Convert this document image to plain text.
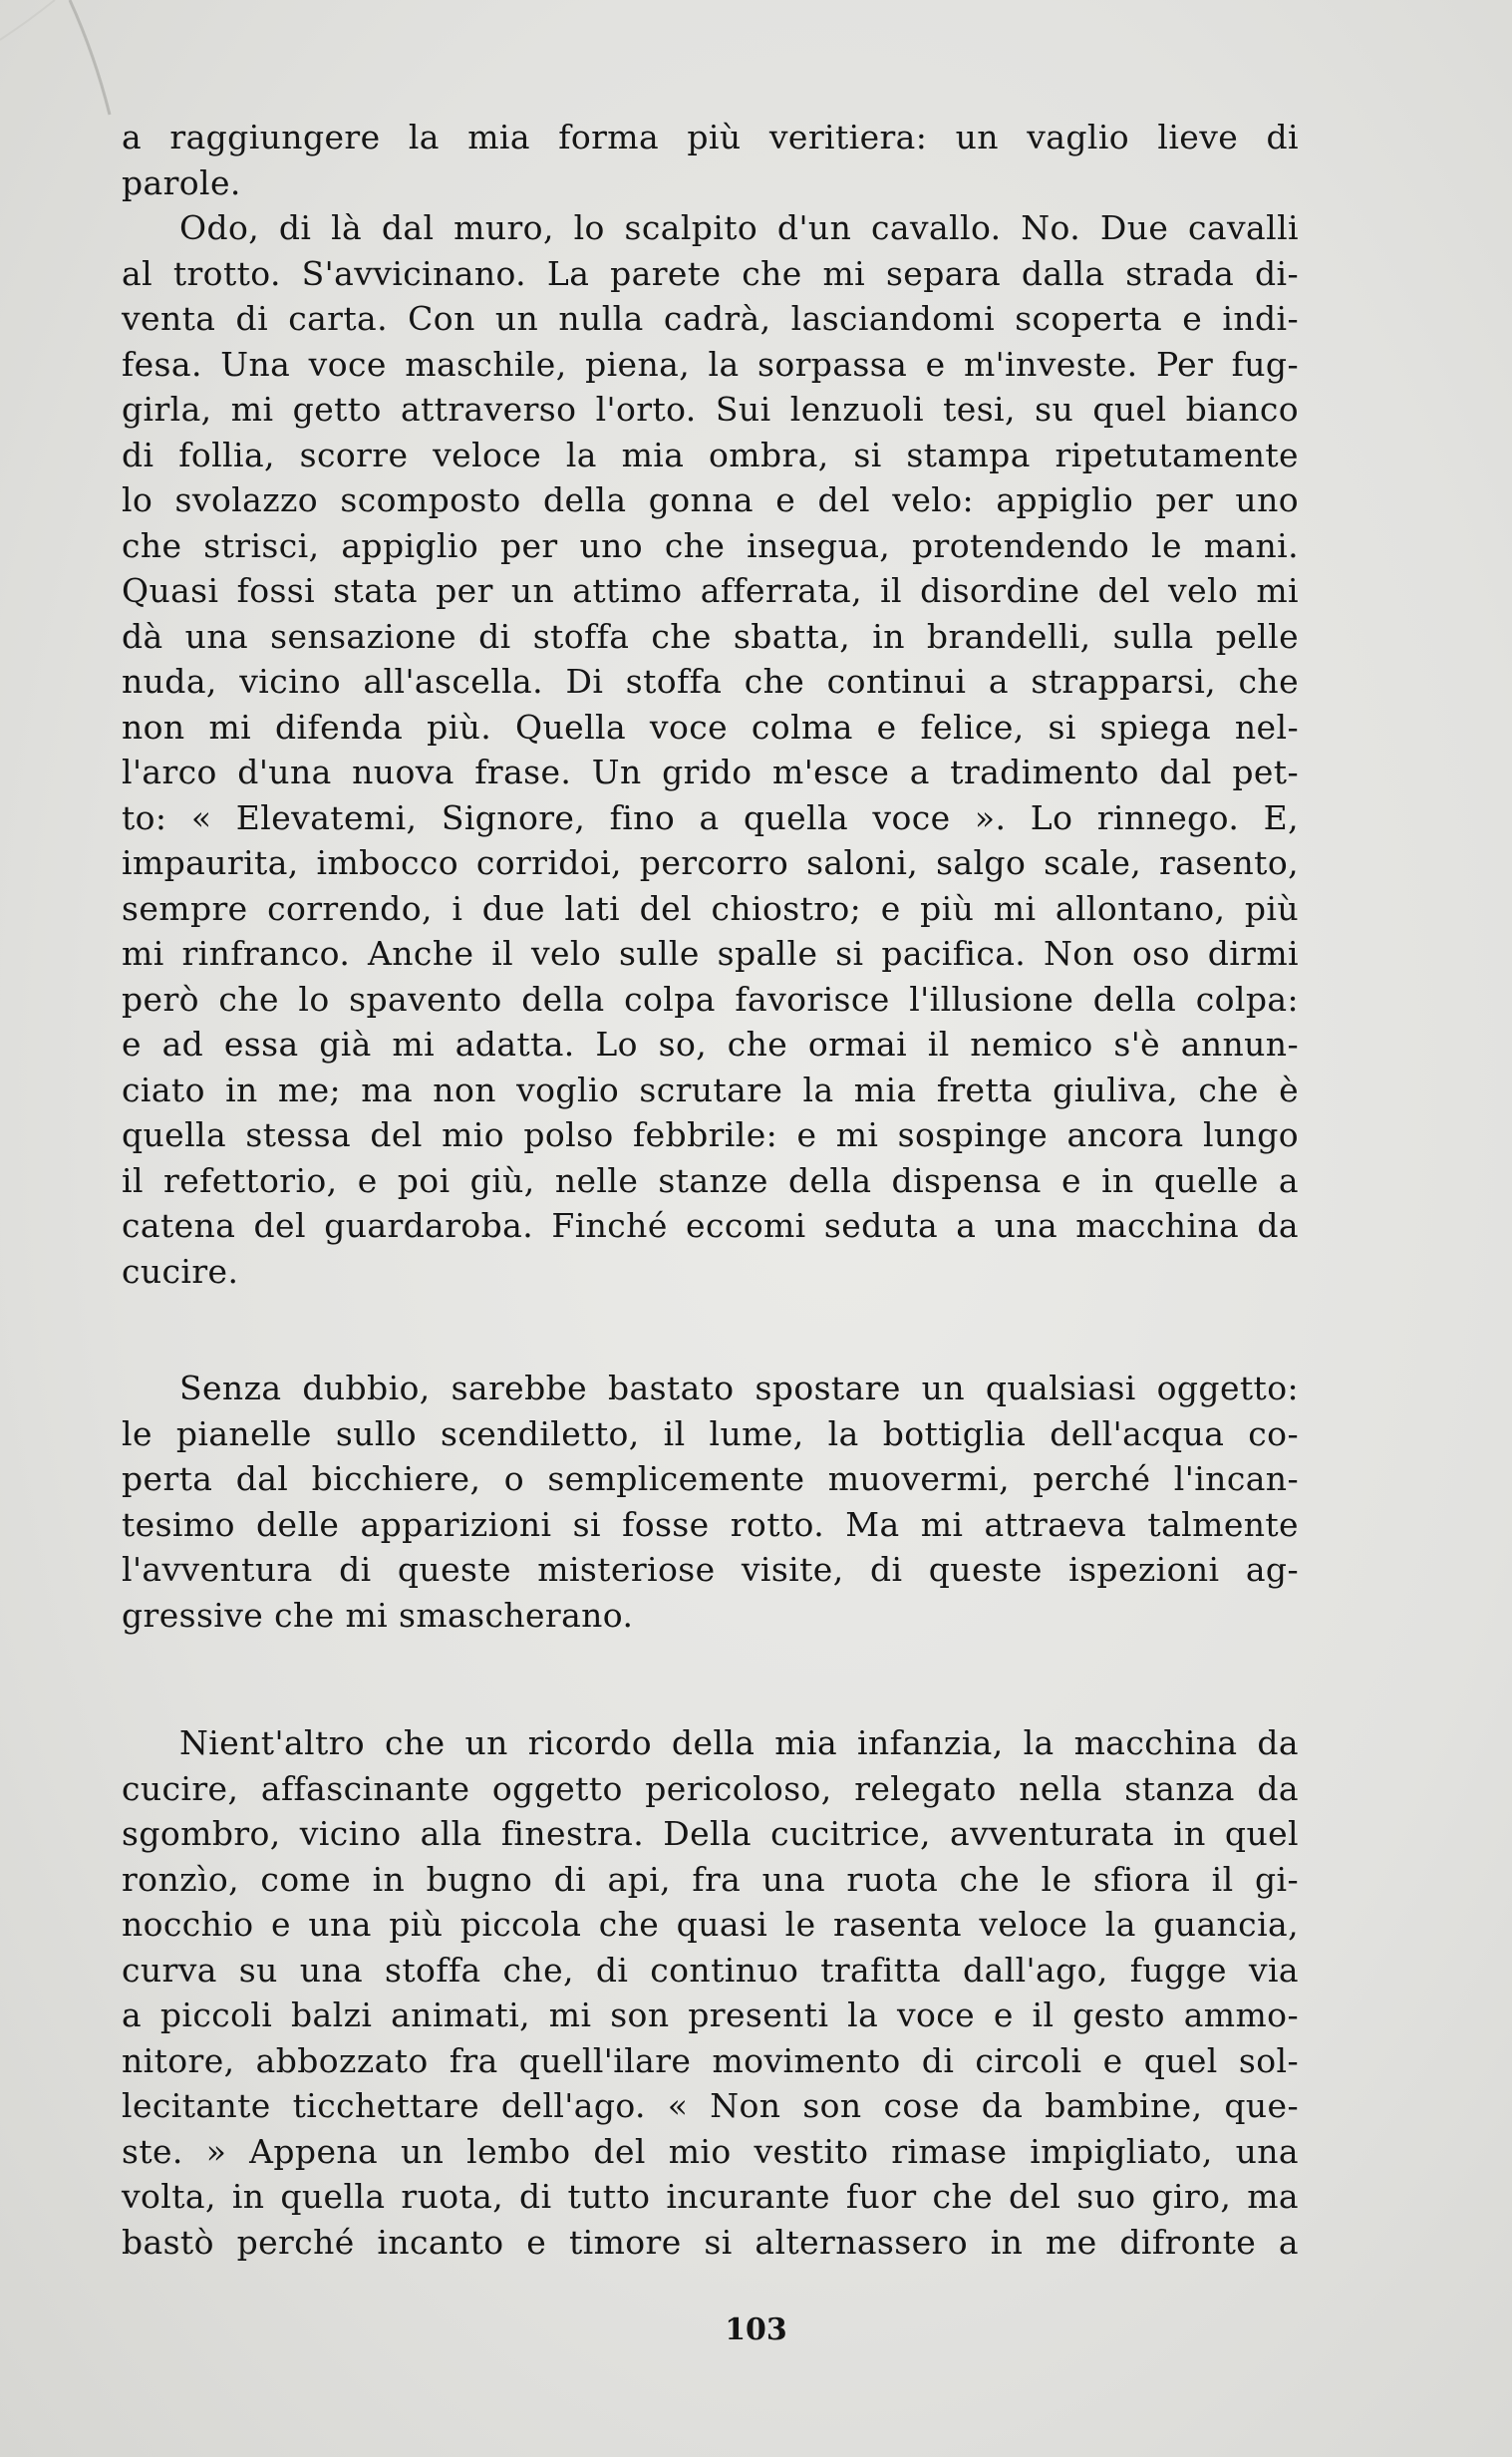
a raggiungere la mia forma più veritiera: un vaglio lieve di
parole.
Odo, di là dal muro, lo scalpito d'un cavallo. No. Due cavalli
al trotto. S'avvicinano. La parete che mi separa dalla strada di-
venta di carta. Con un nulla cadrà, lasciandomi scoperta e indi-
fesa. Una voce maschile, piena, la sorpassa e m'investe. Per fug-
girla, mi getto attraverso l'orto. Sui lenzuoli tesi, su quel bianco
di follia, scorre veloce la mia ombra, si stampa ripetutamente
lo svolazzo scomposto della gonna e del velo: appiglio per uno
che strisci, appiglio per uno che insegua, protendendo le mani.
Quasi fossi stata per un attimo afferrata, il disordine del velo mi
dà una sensazione di stoffa che sbatta, in brandelli, sulla pelle
nuda, vicino all'ascella. Di stoffa che continui a strapparsi, che
non mi difenda più. Quella voce colma e felice, si spiega nel-
l'arco d'una nuova frase. Un grido m'esce a tradimento dal pet-
to: « Elevatemi, Signore, fino a quella voce ». Lo rinnego. E,
impaurita, imbocco corridoi, percorro saloni, salgo scale, rasento,
sempre correndo, i due lati del chiostro; e più mi allontano, più
mi rinfranco. Anche il velo sulle spalle si pacifica. Non oso dirmi
però che lo spavento della colpa favorisce l'illusione della colpa:
e ad essa già mi adatta. Lo so, che ormai il nemico s'è annun-
ciato in me; ma non voglio scrutare la mia fretta giuliva, che è
quella stessa del mio polso febbrile: e mi sospinge ancora lungo
il refettorio, e poi giù, nelle stanze della dispensa e in quelle a
catena del guardaroba. Finché eccomi seduta a una macchina da
cucire.
Senza dubbio, sarebbe bastato spostare un qualsiasi oggetto:
le pianelle sullo scendiletto, il lume, la bottiglia dell'acqua co-
perta dal bicchiere, o semplicemente muovermi, perché l'incan-
tesimo delle apparizioni si fosse rotto. Ma mi attraeva talmente
l'avventura di queste misteriose visite, di queste ispezioni ag-
gressive che mi smascherano.
Nient'altro che un ricordo della mia infanzia, la macchina da
cucire, affascinante oggetto pericoloso, relegato nella stanza da
sgombro, vicino alla finestra. Della cucitrice, avventurata in quel
ronzìo, come in bugno di api, fra una ruota che le sfiora il gi-
nocchio e una più piccola che quasi le rasenta veloce la guancia,
curva su una stoffa che, di continuo trafitta dall'ago, fugge via
a piccoli balzi animati, mi son presenti la voce e il gesto ammo-
nitore, abbozzato fra quell'ilare movimento di circoli e quel sol-
lecitante ticchettare dell'ago. « Non son cose da bambine, que-
ste. » Appena un lembo del mio vestito rimase impigliato, una
volta, in quella ruota, di tutto incurante fuor che del suo giro, ma
bastò perché incanto e timore si alternassero in me difronte a
103
